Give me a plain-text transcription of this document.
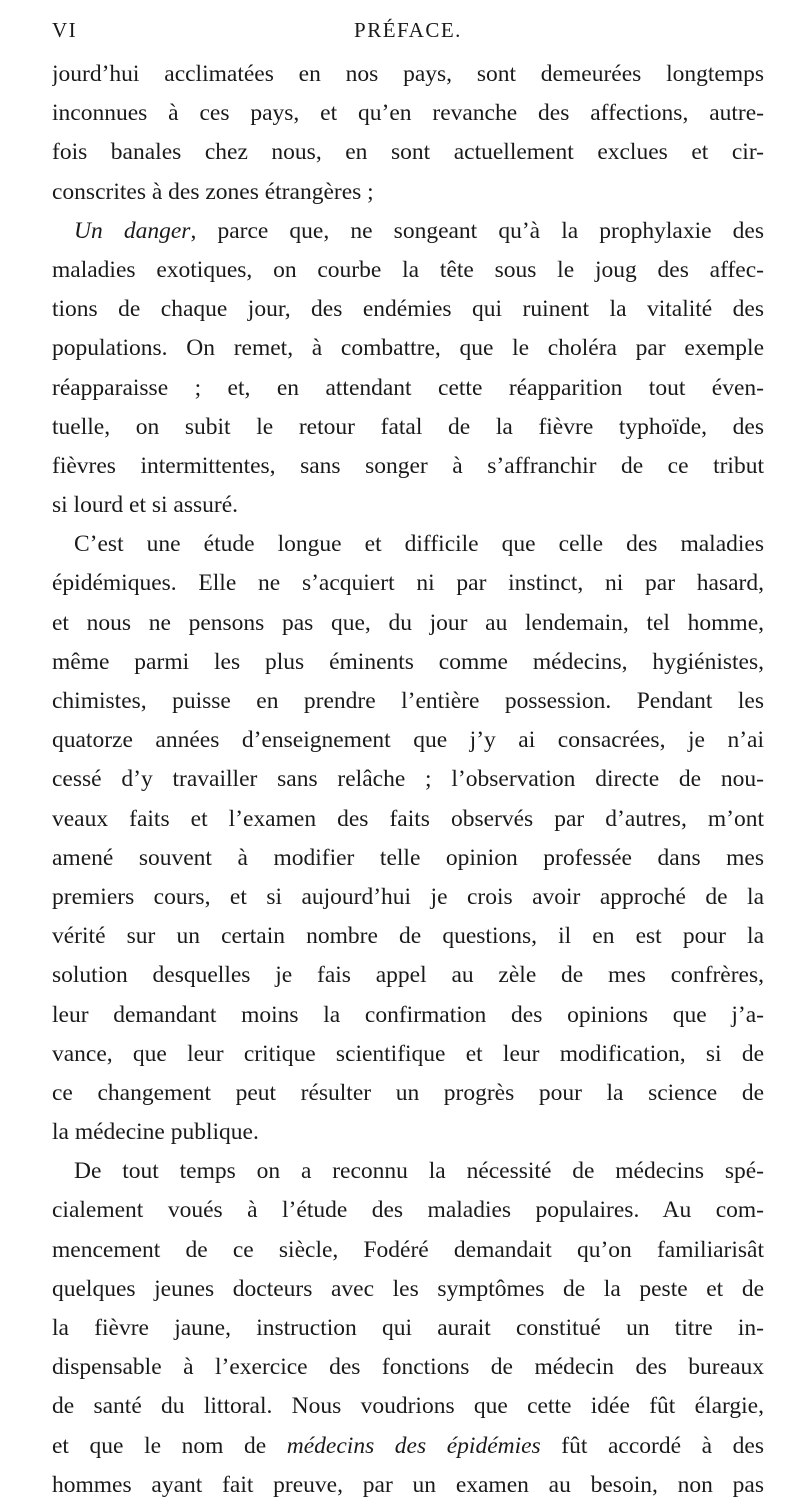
VI	PRÉFACE.
jourd’hui acclimatées en nos pays, sont demeurées longtemps
inconnues à ces pays, et qu’en revanche des affections, autre-
fois banales chez nous, en sont actuellement exclues et cir-
conscrites à des zones étrangères ;
Un danger, parce que, ne songeant qu’à la prophylaxie des
maladies exotiques, on courbe la tête sous le joug des affec-
tions de chaque jour, des endémies qui ruinent la vitalité des
populations. On remet, à combattre, que le choléra par exemple
réapparaisse ; et, en attendant cette réapparition tout éven-
tuelle, on subit le retour fatal de la fièvre typhoïde, des
fièvres intermittentes, sans songer à s’affranchir de ce tribut
si lourd et si assuré.
C’est une étude longue et difficile que celle des maladies
épidémiques. Elle ne s’acquiert ni par instinct, ni par hasard,
et nous ne pensons pas que, du jour au lendemain, tel homme,
même parmi les plus éminents comme médecins, hygiénistes,
chimistes, puisse en prendre l’entière possession. Pendant les
quatorze années d’enseignement que j’y ai consacrées, je n’ai
cessé d’y travailler sans relâche ; l’observation directe de nou-
veaux faits et l’examen des faits observés par d’autres, m’ont
amené souvent à modifier telle opinion professée dans mes
premiers cours, et si aujourd’hui je crois avoir approché de la
vérité sur un certain nombre de questions, il en est pour la
solution desquelles je fais appel au zèle de mes confrères,
leur demandant moins la confirmation des opinions que j’a-
vance, que leur critique scientifique et leur modification, si de
ce changement peut résulter un progrès pour la science de
la médecine publique.
De tout temps on a reconnu la nécessité de médecins spé-
cialement voués à l’étude des maladies populaires. Au com-
mencement de ce siècle, Fodéré demandait qu’on familiarisât
quelques jeunes docteurs avec les symptômes de la peste et de
la fièvre jaune, instruction qui aurait constitué un titre in-
dispensable à l’exercice des fonctions de médecin des bureaux
de santé du littoral. Nous voudrions que cette idée fût élargie,
et que le nom de médecins des épidémies fût accordé à des
hommes ayant fait preuve, par un examen au besoin, non pas
